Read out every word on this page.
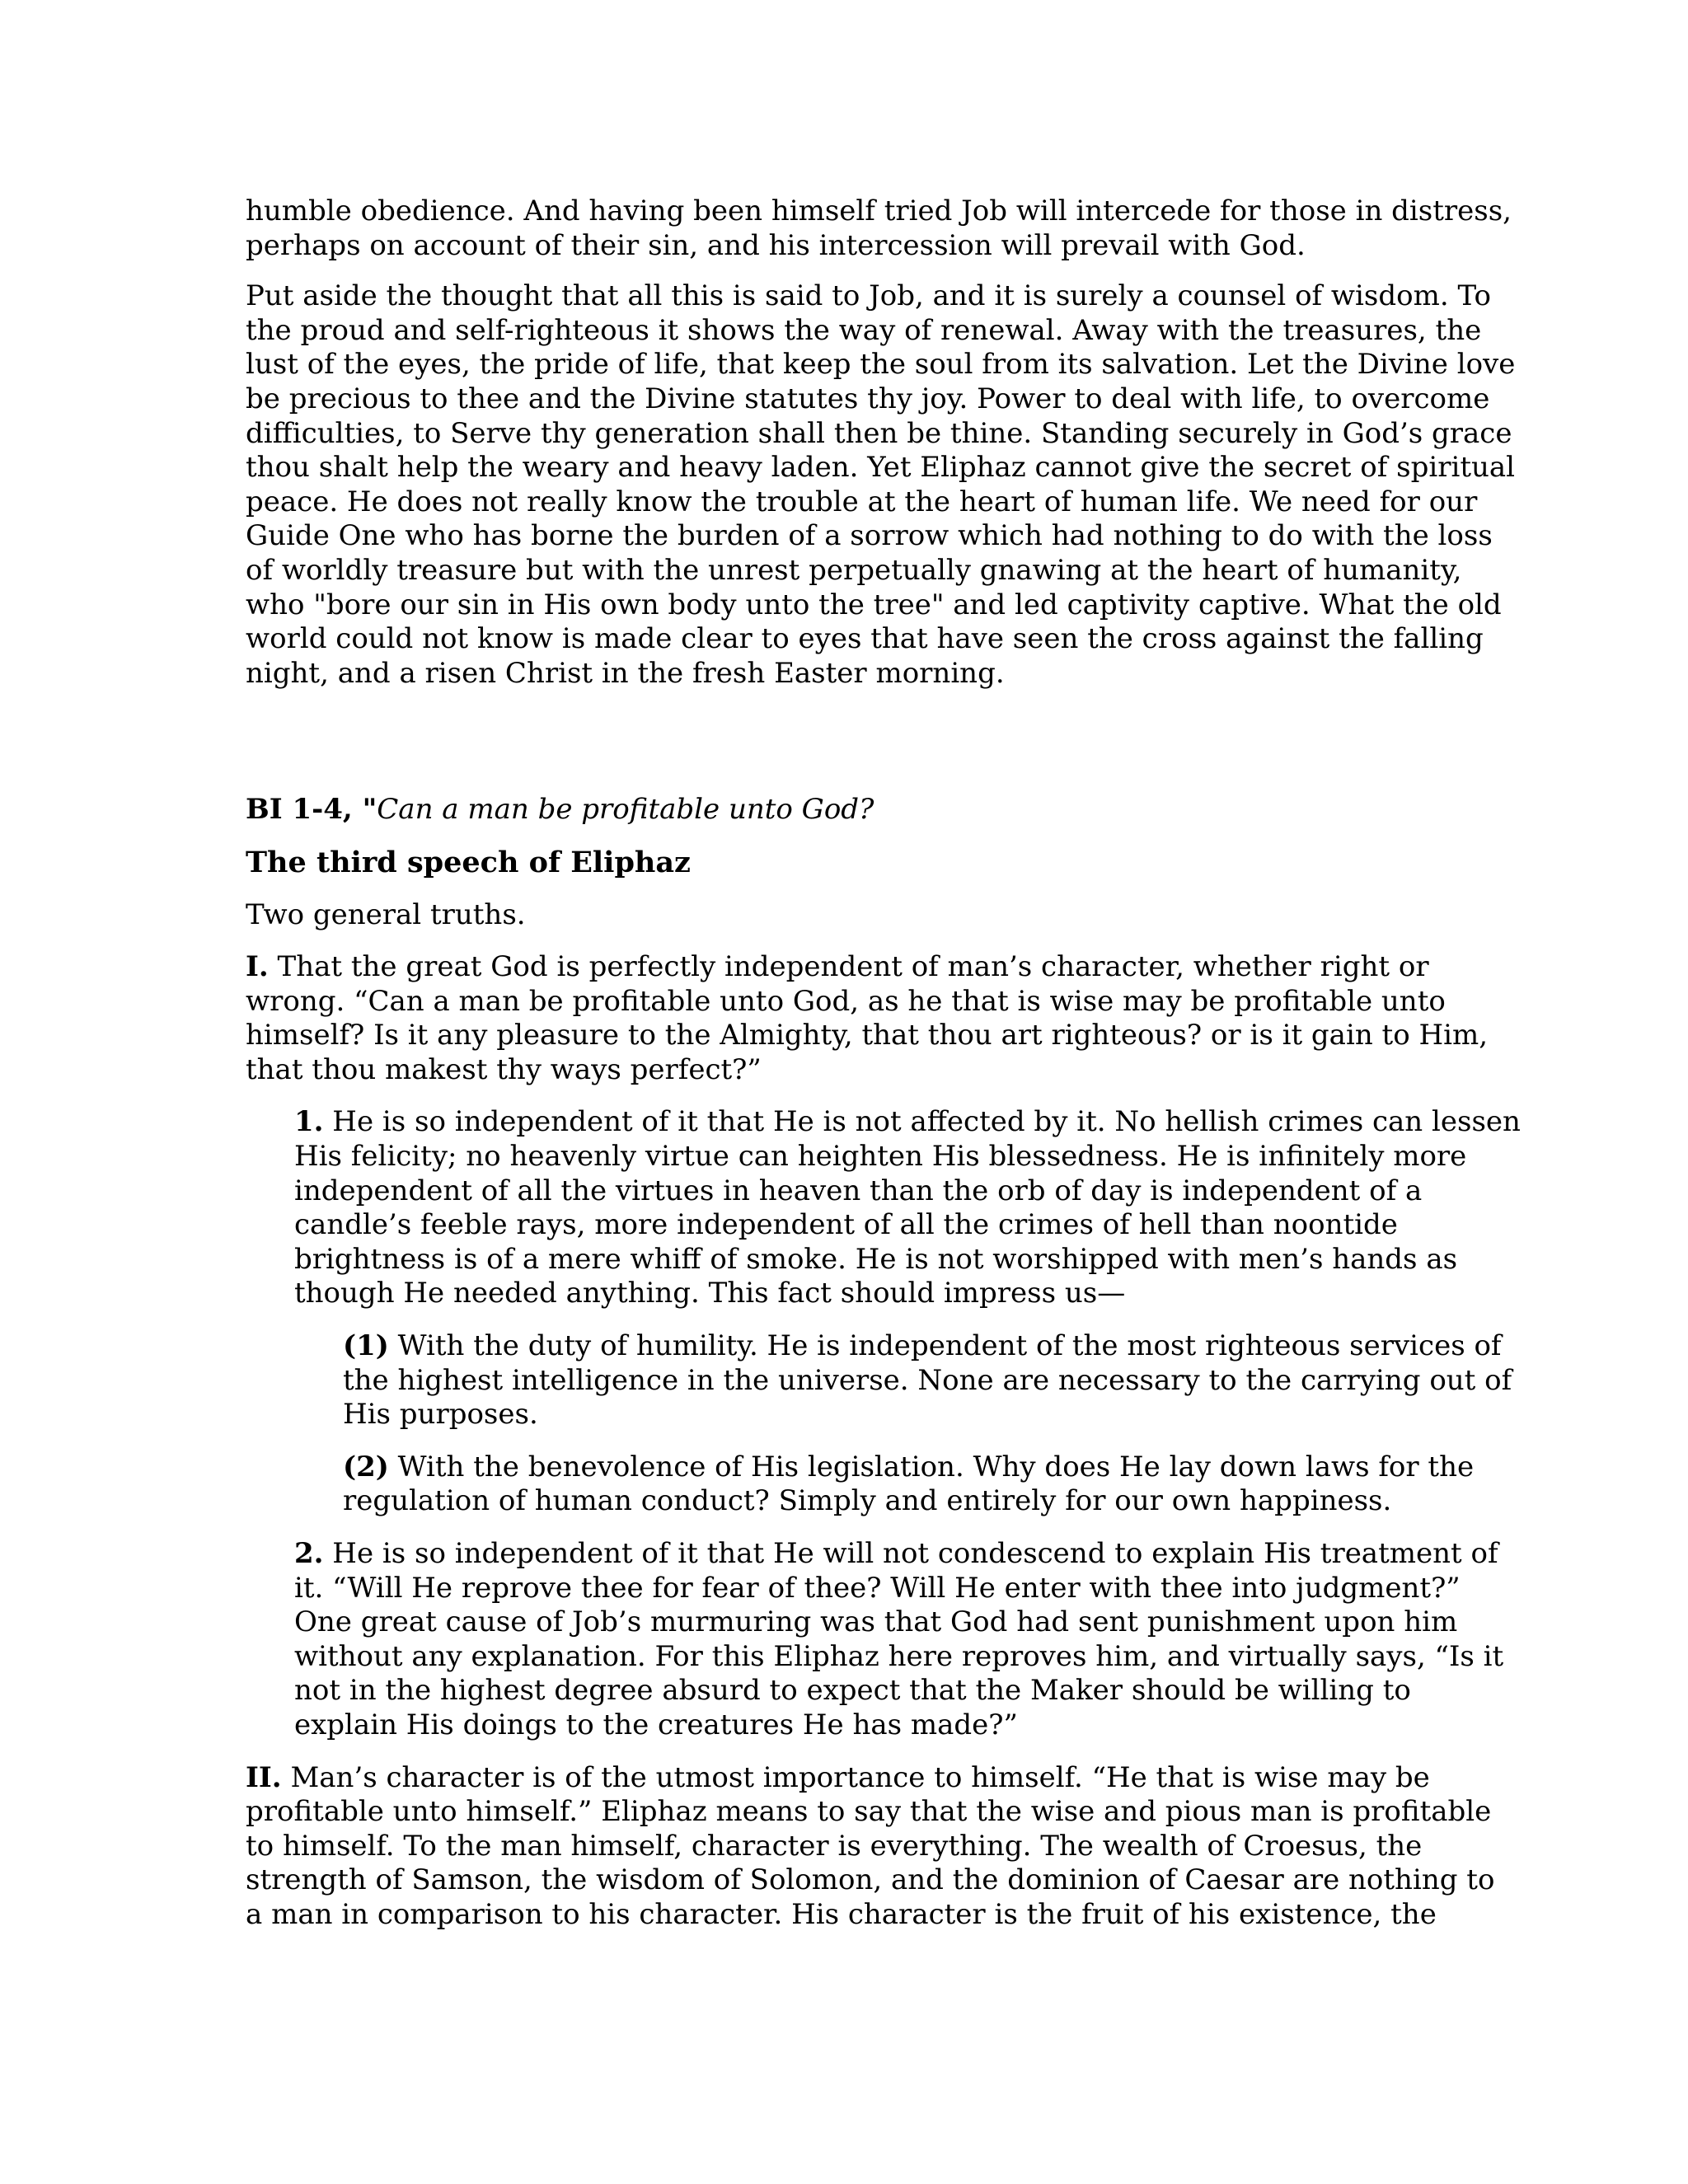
humble obedience. And having been himself tried Job will intercede for those in distress,
perhaps on account of their sin, and his intercession will prevail with God.

Put aside the thought that all this is said to Job, and it is surely a counsel of wisdom. To
the proud and self-righteous it shows the way of renewal. Away with the treasures, the
lust of the eyes, the pride of life, that keep the soul from its salvation. Let the Divine love
be precious to thee and the Divine statutes thy joy. Power to deal with life, to overcome
difficulties, to Serve thy generation shall then be thine. Standing securely in God’s grace
thou shalt help the weary and heavy laden. Yet Eliphaz cannot give the secret of spiritual
peace. He does not really know the trouble at the heart of human life. We need for our
Guide One who has borne the burden of a sorrow which had nothing to do with the loss
of worldly treasure but with the unrest perpetually gnawing at the heart of humanity,
who "bore our sin in His own body unto the tree" and led captivity captive. What the old
world could not know is made clear to eyes that have seen the cross against the falling
night, and a risen Christ in the fresh Easter morning.

BI 1-4, "Can a man be profitable unto God?

The third speech of Eliphaz

Two general truths.

I. That the great God is perfectly independent of man’s character, whether right or
wrong. “Can a man be profitable unto God, as he that is wise may be profitable unto
himself? Is it any pleasure to the Almighty, that thou art righteous? or is it gain to Him,
that thou makest thy ways perfect?”

1. He is so independent of it that He is not affected by it. No hellish crimes can lessen
His felicity; no heavenly virtue can heighten His blessedness. He is infinitely more
independent of all the virtues in heaven than the orb of day is independent of a
candle’s feeble rays, more independent of all the crimes of hell than noontide
brightness is of a mere whiff of smoke. He is not worshipped with men’s hands as
though He needed anything. This fact should impress us—

(1) With the duty of humility. He is independent of the most righteous services of
the highest intelligence in the universe. None are necessary to the carrying out of
His purposes.

(2) With the benevolence of His legislation. Why does He lay down laws for the
regulation of human conduct? Simply and entirely for our own happiness.

2. He is so independent of it that He will not condescend to explain His treatment of
it. “Will He reprove thee for fear of thee? Will He enter with thee into judgment?”
One great cause of Job’s murmuring was that God had sent punishment upon him
without any explanation. For this Eliphaz here reproves him, and virtually says, “Is it
not in the highest degree absurd to expect that the Maker should be willing to
explain His doings to the creatures He has made?”

II. Man’s character is of the utmost importance to himself. “He that is wise may be
profitable unto himself.” Eliphaz means to say that the wise and pious man is profitable
to himself. To the man himself, character is everything. The wealth of Croesus, the
strength of Samson, the wisdom of Solomon, and the dominion of Caesar are nothing to
a man in comparison to his character. His character is the fruit of his existence, the
